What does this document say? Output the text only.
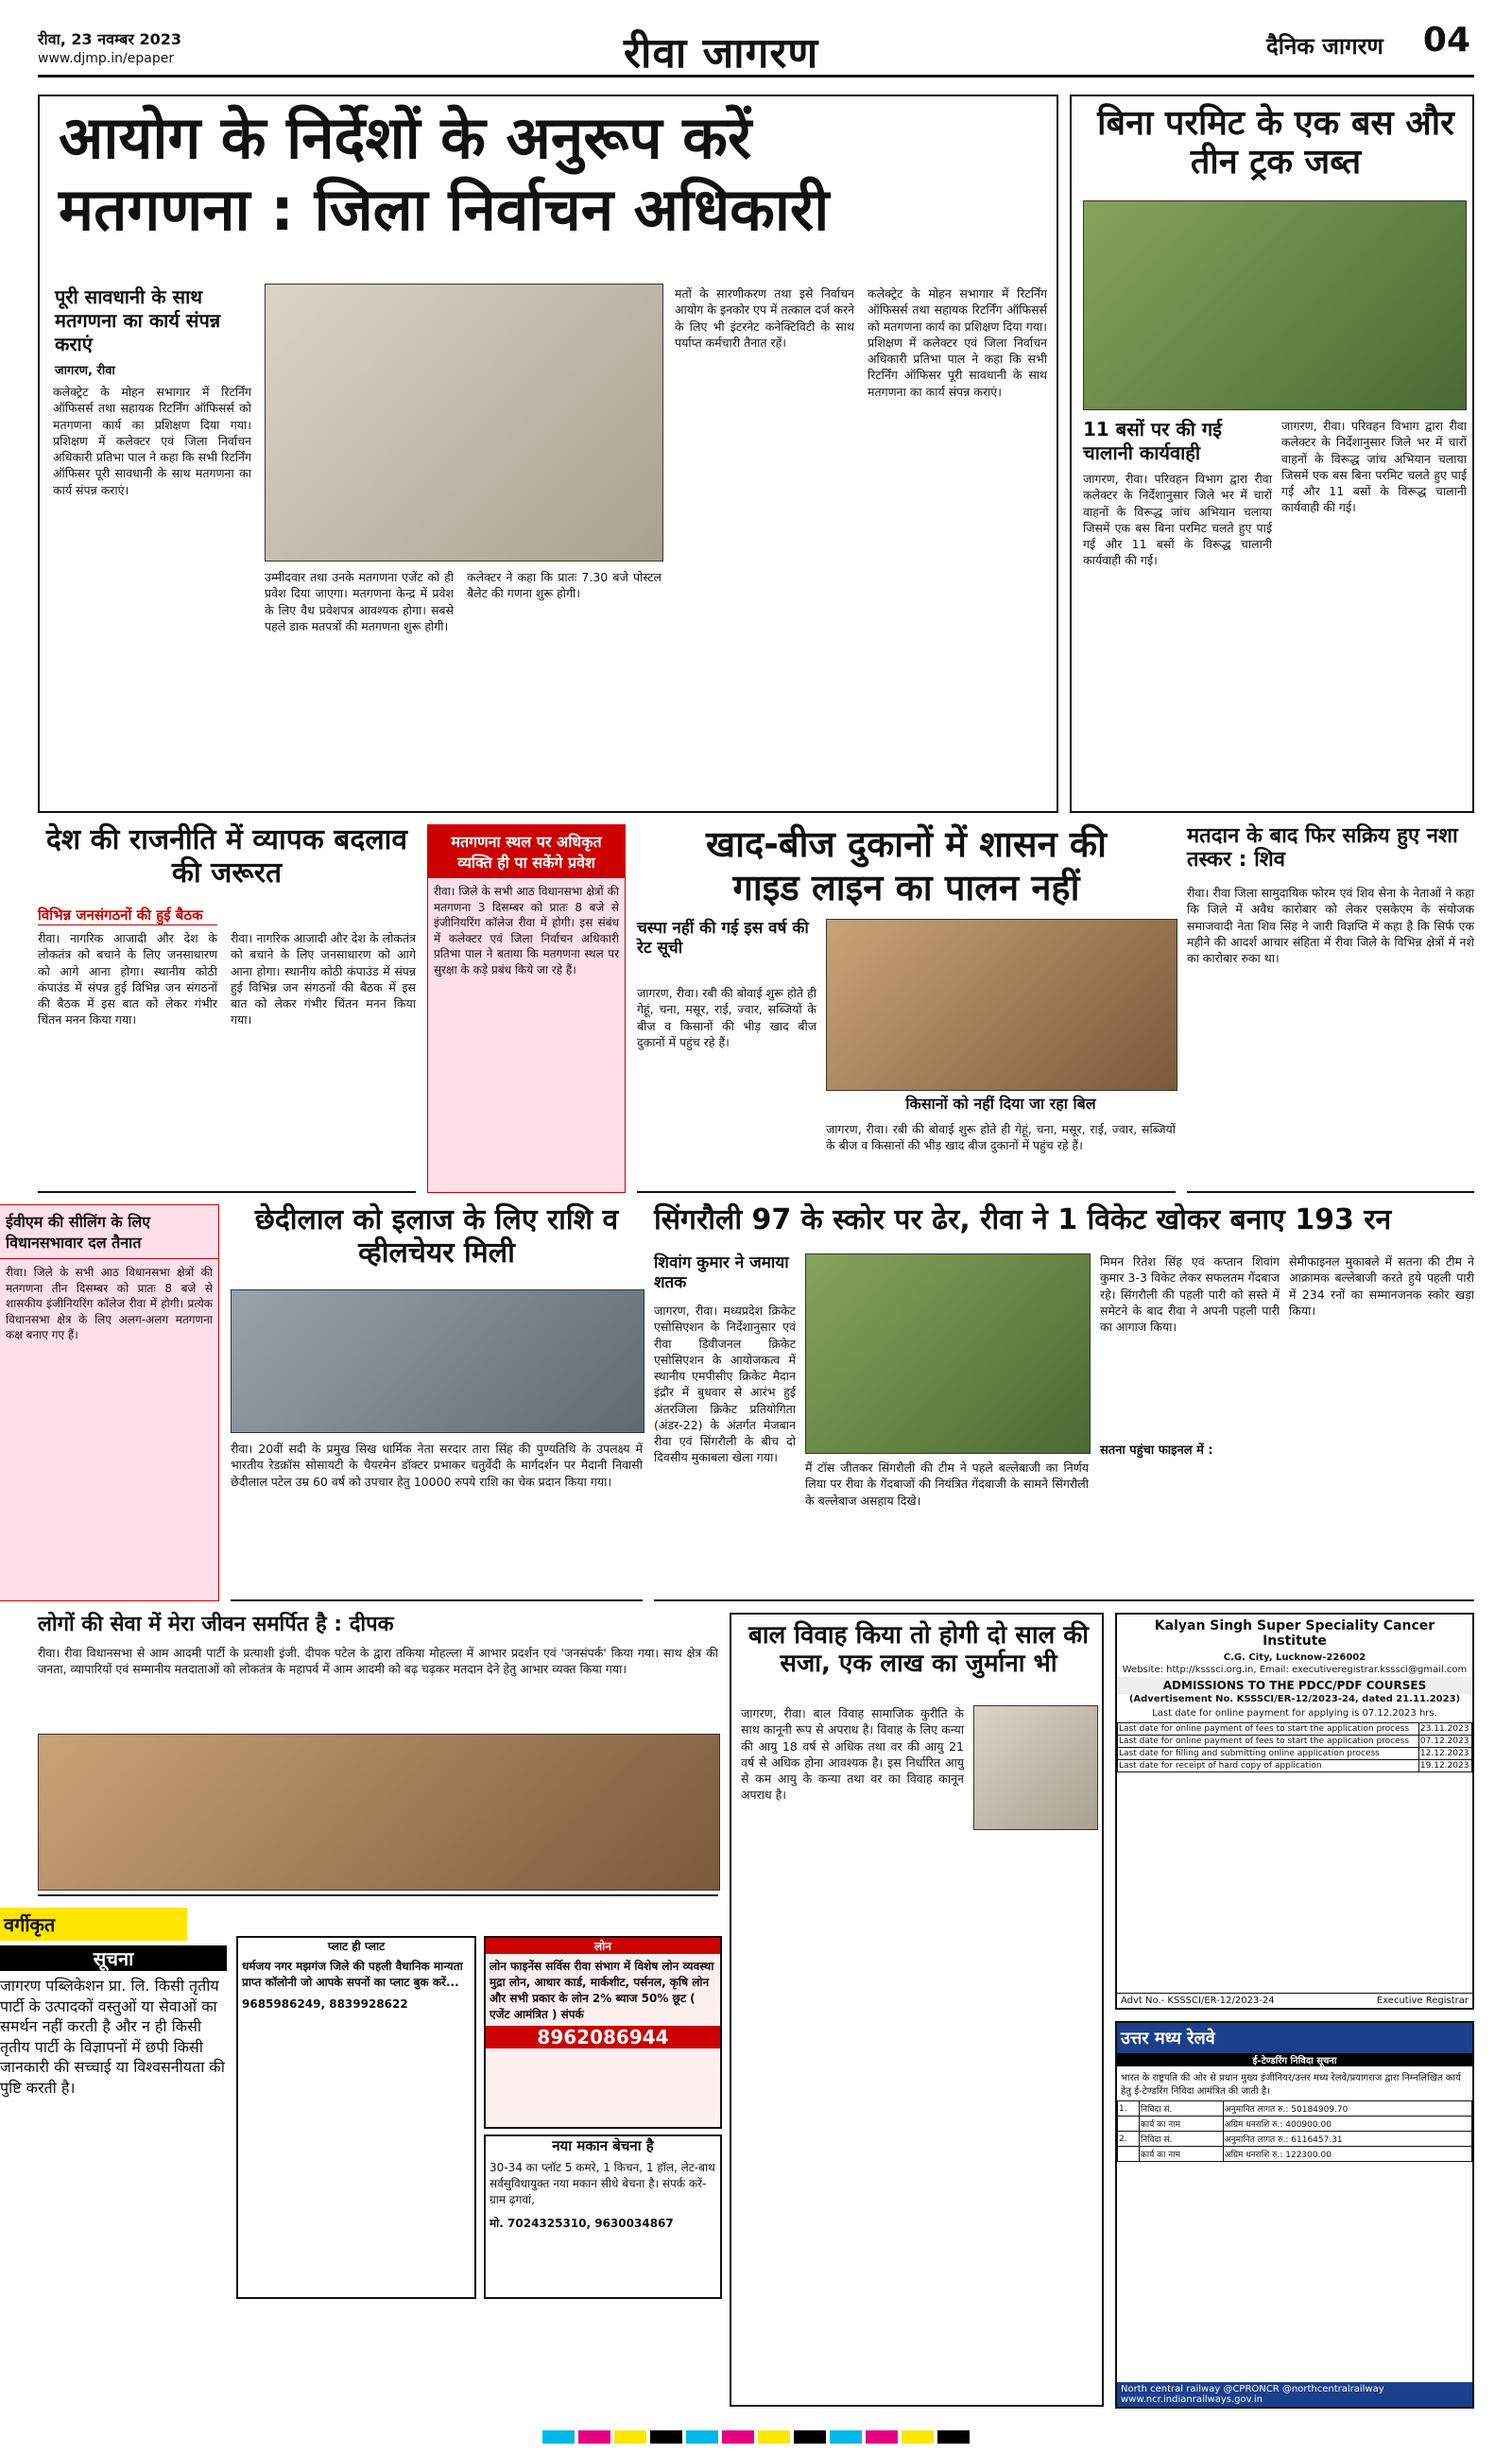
रीवा, 23 नवम्बर 2023
www.djmp.in/epaper	रीवा जागरण	दैनिक जागरण 04
आयोग के निर्देशों के अनुरूप करें
मतगणना : जिला निर्वाचन अधिकारी
पूरी सावधानी के साथ मतगणना का कार्य संपन्न कराएं
जागरण, रीवा
कलेक्ट्रेट के मोहन सभागार में रिटर्निंग ऑफिसर्स तथा सहायक रिटर्निंग ऑफिसर्स को मतगणना कार्य का प्रशिक्षण दिया गया। प्रशिक्षण में कलेक्टर एवं जिला निर्वाचन अधिकारी प्रतिभा पाल ने कहा कि सभी रिटर्निंग ऑफिसर पूरी सावधानी के साथ मतगणना का कार्य संपन्न कराएं।
उम्मीदवार तथा उनके मतगणना एजेंट को ही प्रवेश दिया जाएगा। मतगणना केन्द्र में प्रवेश के लिए वैध प्रवेशपत्र आवश्यक होगा। सबसे पहले डाक मतपत्रों की मतगणना शुरू होगी।
कलेक्टर ने कहा कि प्रातः 7.30 बजे पोस्टल बैलेट की गणना शुरू होगी।
मतों के सारणीकरण तथा इसे निर्वाचन आयोग के इनकोर एप में तत्काल दर्ज करने के लिए भी इंटरनेट कनेक्टिविटी के साथ पर्याप्त कर्मचारी तैनात रहें।
कलेक्ट्रेट के मोहन सभागार में रिटर्निंग ऑफिसर्स तथा सहायक रिटर्निंग ऑफिसर्स को मतगणना कार्य का प्रशिक्षण दिया गया। प्रशिक्षण में कलेक्टर एवं जिला निर्वाचन अधिकारी प्रतिभा पाल ने कहा कि सभी रिटर्निंग ऑफिसर पूरी सावधानी के साथ मतगणना का कार्य संपन्न कराएं।
बिना परमिट के एक बस और तीन ट्रक जब्त
11 बसों पर की गई चालानी कार्यवाही
जागरण, रीवा। परिवहन विभाग द्वारा रीवा कलेक्टर के निर्देशानुसार जिले भर में चारों वाहनों के विरूद्ध जांच अभियान चलाया जिसमें एक बस बिना परमिट चलते हुए पाई गई और 11 बसों के विरूद्ध चालानी कार्यवाही की गई।
जागरण, रीवा। परिवहन विभाग द्वारा रीवा कलेक्टर के निर्देशानुसार जिले भर में चारों वाहनों के विरूद्ध जांच अभियान चलाया जिसमें एक बस बिना परमिट चलते हुए पाई गई और 11 बसों के विरूद्ध चालानी कार्यवाही की गई।
देश की राजनीति में व्यापक बदलाव की जरूरत
विभिन्न जनसंगठनों की हुई बैठक
रीवा। नागरिक आजादी और देश के लोकतंत्र को बचाने के लिए जनसाधारण को आगे आना होगा। स्थानीय कोठी कंपाउंड में संपन्न हुई विभिन्न जन संगठनों की बैठक में इस बात को लेकर गंभीर चिंतन मनन किया गया।
रीवा। नागरिक आजादी और देश के लोकतंत्र को बचाने के लिए जनसाधारण को आगे आना होगा। स्थानीय कोठी कंपाउंड में संपन्न हुई विभिन्न जन संगठनों की बैठक में इस बात को लेकर गंभीर चिंतन मनन किया गया।
मतगणना स्थल पर अधिकृत व्यक्ति ही पा सकेंगे प्रवेश
रीवा। जिले के सभी आठ विधानसभा क्षेत्रों की मतगणना 3 दिसम्बर को प्रातः 8 बजे से इंजीनियरिंग कॉलेज रीवा में होगी। इस संबंध में कलेक्टर एवं जिला निर्वाचन अधिकारी प्रतिभा पाल ने बताया कि मतगणना स्थल पर सुरक्षा के कड़े प्रबंध किये जा रहे हैं।
खाद-बीज दुकानों में शासन की
गाइड लाइन का पालन नहीं
चस्पा नहीं की गई इस वर्ष की रेट सूची
जागरण, रीवा। रबी की बोवाई शुरू होते ही गेहूं, चना, मसूर, राई, ज्वार, सब्जियों के बीज व किसानों की भीड़ खाद बीज दुकानों में पहुंच रहे हैं।
किसानों को नहीं दिया जा रहा बिल
जागरण, रीवा। रबी की बोवाई शुरू होते ही गेहूं, चना, मसूर, राई, ज्वार, सब्जियों के बीज व किसानों की भीड़ खाद बीज दुकानों में पहुंच रहे हैं।
मतदान के बाद फिर सक्रिय हुए नशा तस्कर : शिव
रीवा। रीवा जिला सामुदायिक फोरम एवं शिव सेना के नेताओं ने कहा कि जिले में अवैध कारोबार को लेकर एसकेएम के संयोजक समाजवादी नेता शिव सिंह ने जारी विज्ञप्ति में कहा है कि सिर्फ एक महीने की आदर्श आचार संहिता में रीवा जिले के विभिन्न क्षेत्रों में नशे का कारोबार रुका था।
ईवीएम की सीलिंग के लिए विधानसभावार दल तैनात
रीवा। जिले के सभी आठ विधानसभा क्षेत्रों की मतगणना तीन दिसम्बर को प्रातः 8 बजे से शासकीय इंजीनियरिंग कॉलेज रीवा में होगी। प्रत्येक विधानसभा क्षेत्र के लिए अलग-अलग मतगणना कक्ष बनाए गए हैं।
छेदीलाल को इलाज के लिए राशि व व्हीलचेयर मिली
रीवा। 20वीं सदी के प्रमुख सिख धार्मिक नेता सरदार तारा सिंह की पुण्यतिथि के उपलक्ष्य में भारतीय रेडक्रॉस सोसायटी के चैयरमेन डॉक्टर प्रभाकर चतुर्वेदी के मार्गदर्शन पर मैदानी निवासी छेदीलाल पटेल उम्र 60 वर्ष को उपचार हेतु 10000 रुपये राशि का चेक प्रदान किया गया।
सिंगरौली 97 के स्कोर पर ढेर, रीवा ने 1 विकेट खोकर बनाए 193 रन
शिवांग कुमार ने जमाया शतक
जागरण, रीवा। मध्यप्रदेश क्रिकेट एसोसिएशन के निर्देशानुसार एवं रीवा डिवीजनल क्रिकेट एसोसिएशन के आयोजकत्व में स्थानीय एमपीसीए क्रिकेट मैदान इंद्रौर में बुधवार से आरंभ हुई अंतरजिला क्रिकेट प्रतियोगिता (अंडर-22) के अंतर्गत मेजबान रीवा एवं सिंगरौली के बीच दो दिवसीय मुकाबला खेला गया।
मैं टॉस जीतकर सिंगरौली की टीम ने पहले बल्लेबाजी का निर्णय लिया पर रीवा के गेंदबाजों की नियंत्रित गेंदबाजी के सामने सिंगरौली के बल्लेबाज असहाय दिखे।
मिमन रितेश सिंह एवं कप्तान शिवांग कुमार 3-3 विकेट लेकर सफलतम गेंदबाज रहे। सिंगरौली की पहली पारी को सस्ते में समेटने के बाद रीवा ने अपनी पहली पारी का आगाज किया।
सतना पहुंचा फाइनल में :
सेमीफाइनल मुकाबले में सतना की टीम ने आक्रामक बल्लेबाजी करते हुये पहली पारी में 234 रनों का सम्मानजनक स्कोर खड़ा किया।
लोगों की सेवा में मेरा जीवन समर्पित है : दीपक
रीवा। रीवा विधानसभा से आम आदमी पार्टी के प्रत्याशी इंजी. दीपक पटेल के द्वारा तकिया मोहल्ला में आभार प्रदर्शन एवं 'जनसंपर्क' किया गया। साथ क्षेत्र की जनता, व्यापारियों एवं सम्मानीय मतदाताओं को लोकतंत्र के महापर्व में आम आदमी को बढ़ चढ़कर मतदान देने हेतु आभार व्यक्त किया गया।
बाल विवाह किया तो होगी दो साल की सजा, एक लाख का जुर्माना भी
जागरण, रीवा। बाल विवाह सामाजिक कुरीति के साथ कानूनी रूप से अपराध है। विवाह के लिए कन्या की आयु 18 वर्ष से अधिक तथा वर की आयु 21 वर्ष से अधिक होना आवश्यक है। इस निर्धारित आयु से कम आयु के कन्या तथा वर का विवाह कानून अपराध है।
Kalyan Singh Super Speciality Cancer Institute
C.G. City, Lucknow-226002
Website: http://ksssci.org.in, Email: executiveregistrar.ksssci@gmail.com
ADMISSIONS TO THE PDCC/PDF COURSES
(Advertisement No. KSSSCI/ER-12/2023-24, dated 21.11.2023)
Last date for online payment for applying is 07.12.2023 hrs.
Last date for online payment of fees to start the application process	23.11.2023
Last date for online payment of fees to start the application process	07.12.2023
Last date for filling and submitting online application process	12.12.2023
Last date for receipt of hard copy of application	19.12.2023
Advt No.- KSSSCI/ER-12/2023-24	Executive Registrar
वर्गीकृत
सूचना
जागरण पब्लिकेशन प्रा. लि. किसी तृतीय पार्टी के उत्पादकों वस्तुओं या सेवाओं का समर्थन नहीं करती है और न ही किसी तृतीय पार्टी के विज्ञापनों में छपी किसी जानकारी की सच्चाई या विश्वसनीयता की पुष्टि करती है।
प्लाट ही प्लाट
धर्मजय नगर मझगंज जिले की पहली वैधानिक मान्यता प्राप्त कॉलोनी जो आपके सपनों का प्लाट बुक करें...
9685986249, 8839928622
लोन
लोन फाइनेंस सर्विस रीवा संभाग में विशेष लोन व्यवस्था मुद्रा लोन, आधार कार्ड, मार्कशीट, पर्सनल, कृषि लोन और सभी प्रकार के लोन 2% ब्याज 50% छूट ( एजेंट आमंत्रित ) संपर्क
8962086944
नया मकान बेचना है
30-34 का प्लॉट 5 कमरे, 1 किचन, 1 हॉल, लेट-बाथ सर्वसुविधायुक्त नया मकान सीधे बेचना है। संपर्क करें- ग्राम ढ़गवां,
मो. 7024325310, 9630034867
उत्तर मध्य रेलवे
ई-टेण्डरिंग निविदा सूचना
भारत के राष्ट्रपति की ओर से प्रधान मुख्य इंजीनियर/उत्तर मध्य रेलवे/प्रयागराज द्वारा निम्नलिखित कार्य हेतु ई-टेण्डरिंग निविदा आमंत्रित की जाती है।
1.	निविदा सं.	अनुमानित लागत रु.: 50184909.70
	कार्य का नाम	अग्रिम धनराशि रु.: 400900.00
2.	निविदा सं.	अनुमानित लागत रु.: 6116457.31
	कार्य का नाम	अग्रिम धनराशि रु.: 122300.00
North central railway @CPRONCR @northcentralrailway www.ncr.indianrailways.gov.in
